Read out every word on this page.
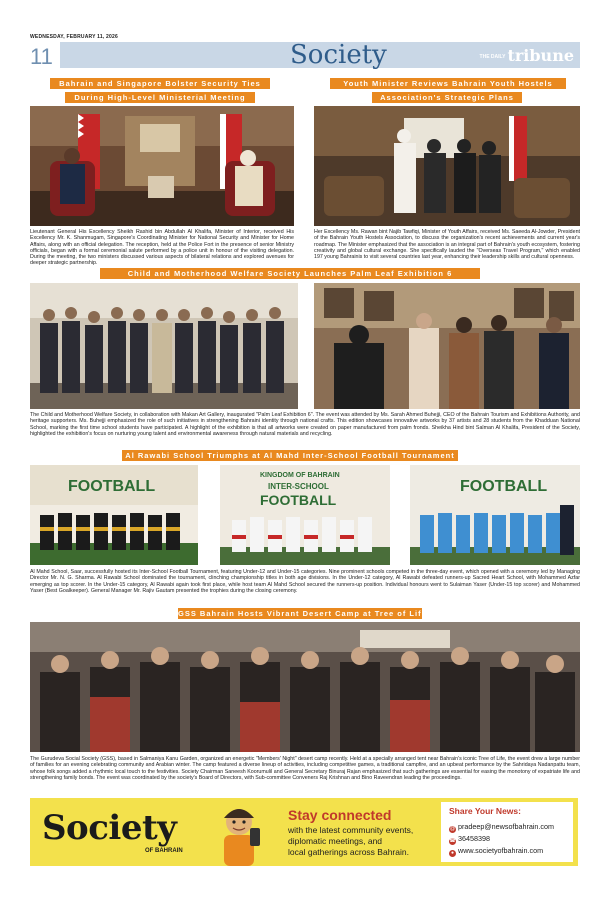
WEDNESDAY, FEBRUARY 11, 2026
11	Society	THE DAILY tribune
Bahrain and Singapore Bolster Security Ties
During High-Level Ministerial Meeting
Lieutenant General His Excellency Sheikh Rashid bin Abdullah Al Khalifa, Minister of Interior, received His Excellency Mr. K. Shanmugam, Singapore's Coordinating Minister for National Security and Minister for Home Affairs, along with an official delegation. The reception, held at the Police Fort in the presence of senior Ministry officials, began with a formal ceremonial salute performed by a police unit in honour of the visiting delegation. During the meeting, the two ministers discussed various aspects of bilateral relations and explored avenues for deeper strategic partnership.
Youth Minister Reviews Bahrain Youth Hostels
Association's Strategic Plans
Her Excellency Ms. Rawan bint Najib Tawfiqi, Minister of Youth Affairs, received Ms. Saeeda Al-Jowder, President of the Bahrain Youth Hostels Association, to discuss the organization's recent achievements and current year's roadmap. The Minister emphasized that the association is an integral part of Bahrain's youth ecosystem, fostering creativity and global cultural exchange. She specifically lauded the "Overseas Travel Program," which enabled 197 young Bahrainis to visit several countries last year, enhancing their leadership skills and cultural openness.
Child and Motherhood Welfare Society Launches Palm Leaf Exhibition 6
The Child and Motherhood Welfare Society, in collaboration with Makan Art Gallery, inaugurated "Palm Leaf Exhibition 6". The event was attended by Ms. Sarah Ahmed Buhejji, CEO of the Bahrain Tourism and Exhibitions Authority, and heritage supporters. Ms. Buhejji emphasized the role of such initiatives in strengthening Bahraini identity through national crafts. This edition showcases innovative artworks by 37 artists and 28 students from the Khadduan National School, marking the first time school students have participated. A highlight of the exhibition is that all artworks were created on paper manufactured from palm fronds. Sheikha Hind bint Salman Al Khalifa, President of the Society, highlighted the exhibition's focus on nurturing young talent and environmental awareness through natural materials and recycling.
Al Rawabi School Triumphs at Al Mahd Inter-School Football Tournament
FOOTBALL
KINGDOM OF BAHRAIN
INTER-SCHOOL
FOOTBALL
FOOTBALL
Al Mahd School, Saar, successfully hosted its Inter-School Football Tournament, featuring Under-12 and Under-15 categories. Nine prominent schools competed in the three-day event, which opened with a ceremony led by Managing Director Mr. N. G. Sharma. Al Rawabi School dominated the tournament, clinching championship titles in both age divisions. In the Under-12 category, Al Rawabi defeated runners-up Sacred Heart School, with Mohammed Azfar emerging as top scorer. In the Under-15 category, Al Rawabi again took first place, while host team Al Mahd School secured the runners-up position. Individual honours went to Sulaiman Yaser (Under-15 top scorer) and Mohammed Yaser (Best Goalkeeper). General Manager Mr. Rajiv Gautam presented the trophies during the closing ceremony.
GSS Bahrain Hosts Vibrant Desert Camp at Tree of Life
The Gurudeva Social Society (GSS), based in Salmaniya Kanu Garden, organized an energetic "Members' Night" desert camp recently. Held at a specially arranged tent near Bahrain's iconic Tree of Life, the event drew a large number of families for an evening celebrating community and Arabian winter. The camp featured a diverse lineup of activities, including competitive games, a traditional campfire, and an upbeat performance by the Sahridaya Nadanpattu team, whose folk songs added a rhythmic local touch to the festivities. Society Chairman Saneesh Koorumulil and General Secretary Binuraj Rajan emphasized that such gatherings are essential for easing the monotony of expatriate life and strengthening family bonds. The event was coordinated by the society's Board of Directors, with Sub-committee Conveners Raj Krishnan and Bino Raveendran leading the proceedings.
Society
OF BAHRAIN
Stay connected
with the latest community events,
diplomatic meetings, and
local gatherings across Bahrain.
Share Your News:
@ pradeep@newsofbahrain.com
☎ 36458398
● www.societyofbahrain.com
